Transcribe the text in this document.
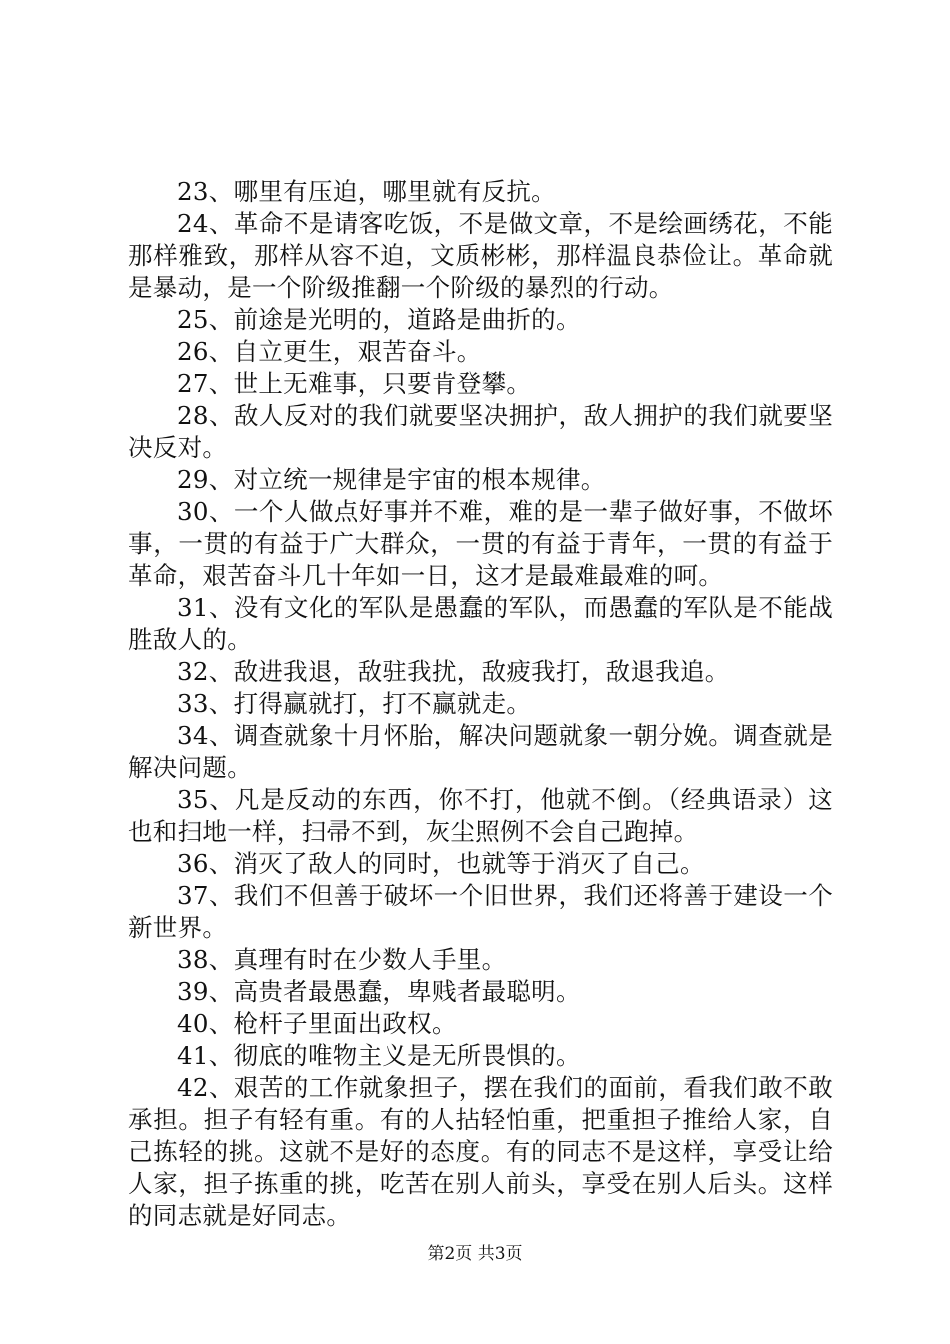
23、哪里有压迫，哪里就有反抗。

24、革命不是请客吃饭，不是做文章，不是绘画绣花，不能那样雅致，那样从容不迫，文质彬彬，那样温良恭俭让。革命就是暴动，是一个阶级推翻一个阶级的暴烈的行动。

25、前途是光明的，道路是曲折的。

26、自立更生，艰苦奋斗。

27、世上无难事，只要肯登攀。

28、敌人反对的我们就要坚决拥护，敌人拥护的我们就要坚决反对。

29、对立统一规律是宇宙的根本规律。

30、一个人做点好事并不难，难的是一辈子做好事，不做坏事，一贯的有益于广大群众，一贯的有益于青年，一贯的有益于革命，艰苦奋斗几十年如一日，这才是最难最难的呵。

31、没有文化的军队是愚蠢的军队，而愚蠢的军队是不能战胜敌人的。

32、敌进我退，敌驻我扰，敌疲我打，敌退我追。

33、打得赢就打，打不赢就走。

34、调查就象十月怀胎，解决问题就象一朝分娩。调查就是解决问题。

35、凡是反动的东西，你不打，他就不倒。（经典语录）这也和扫地一样，扫帚不到，灰尘照例不会自己跑掉。

36、消灭了敌人的同时，也就等于消灭了自己。

37、我们不但善于破坏一个旧世界，我们还将善于建设一个新世界。

38、真理有时在少数人手里。

39、高贵者最愚蠢，卑贱者最聪明。

40、枪杆子里面出政权。

41、彻底的唯物主义是无所畏惧的。

42、艰苦的工作就象担子，摆在我们的面前，看我们敢不敢承担。担子有轻有重。有的人拈轻怕重，把重担子推给人家，自己拣轻的挑。这就不是好的态度。有的同志不是这样，享受让给人家，担子拣重的挑，吃苦在别人前头，享受在别人后头。这样的同志就是好同志。

第2页 共3页
